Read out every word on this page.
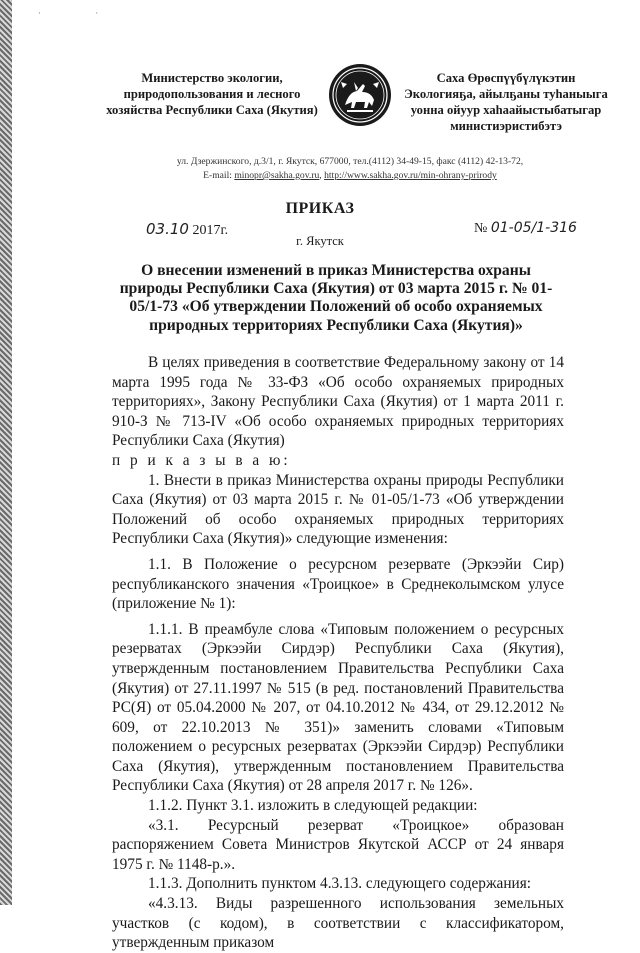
· ·
Министерство экологии,
природопользования и лесного
хозяйства Республики Саха (Якутия)
Саха Өрөспүүбүлүкэтин
Экологияҕа, айылҕаны туһаныыга
уонна ойуур хаһаайыстыбатыгар
министиэристибэтэ
ул. Дзержинского, д.3/1, г. Якутск, 677000, тел.(4112) 34-49-15, факс (4112) 42-13-72,
E-mail: minopr@sakha.gov.ru, http://www.sakha.gov.ru/min-ohrany-prirody
ПРИКАЗ
03.10 2017г.	№ 01-05/1-316
г. Якутск
О внесении изменений в приказ Министерства охраны природы Республики Саха (Якутия) от 03 марта 2015 г. № 01-05/1-73 «Об утверждении Положений об особо охраняемых природных территориях Республики Саха (Якутия)»

В целях приведения в соответствие Федеральному закону от 14 марта 1995 года № 33-ФЗ «Об особо охраняемых природных территориях», Закону Республики Саха (Якутия) от 1 марта 2011 г. 910-З № 713-IV «Об особо охраняемых природных территориях Республики Саха (Якутия)

п р и к а з ы в а ю:

1. Внести в приказ Министерства охраны природы Республики Саха (Якутия) от 03 марта 2015 г. № 01-05/1-73 «Об утверждении Положений об особо охраняемых природных территориях Республики Саха (Якутия)» следующие изменения:

1.1. В Положение о ресурсном резервате (Эркээйи Сир) республиканского значения «Троицкое» в Среднеколымском улусе (приложение № 1):

1.1.1. В преамбуле слова «Типовым положением о ресурсных резерватах (Эркээйи Сирдэр) Республики Саха (Якутия), утвержденным постановлением Правительства Республики Саха (Якутия) от 27.11.1997 № 515 (в ред. постановлений Правительства РС(Я) от 05.04.2000 № 207, от 04.10.2012 № 434, от 29.12.2012 № 609, от 22.10.2013 № 351)» заменить словами «Типовым положением о ресурсных резерватах (Эркээйи Сирдэр) Республики Саха (Якутия), утвержденным постановлением Правительства Республики Саха (Якутия) от 28 апреля 2017 г. № 126».

1.1.2. Пункт 3.1. изложить в следующей редакции:

«3.1. Ресурсный резерват «Троицкое» образован распоряжением Совета Министров Якутской АССР от 24 января 1975 г. № 1148-р.».

1.1.3. Дополнить пунктом 4.3.13. следующего содержания:

«4.3.13. Виды разрешенного использования земельных участков (с кодом), в соответствии с классификатором, утвержденным приказом
